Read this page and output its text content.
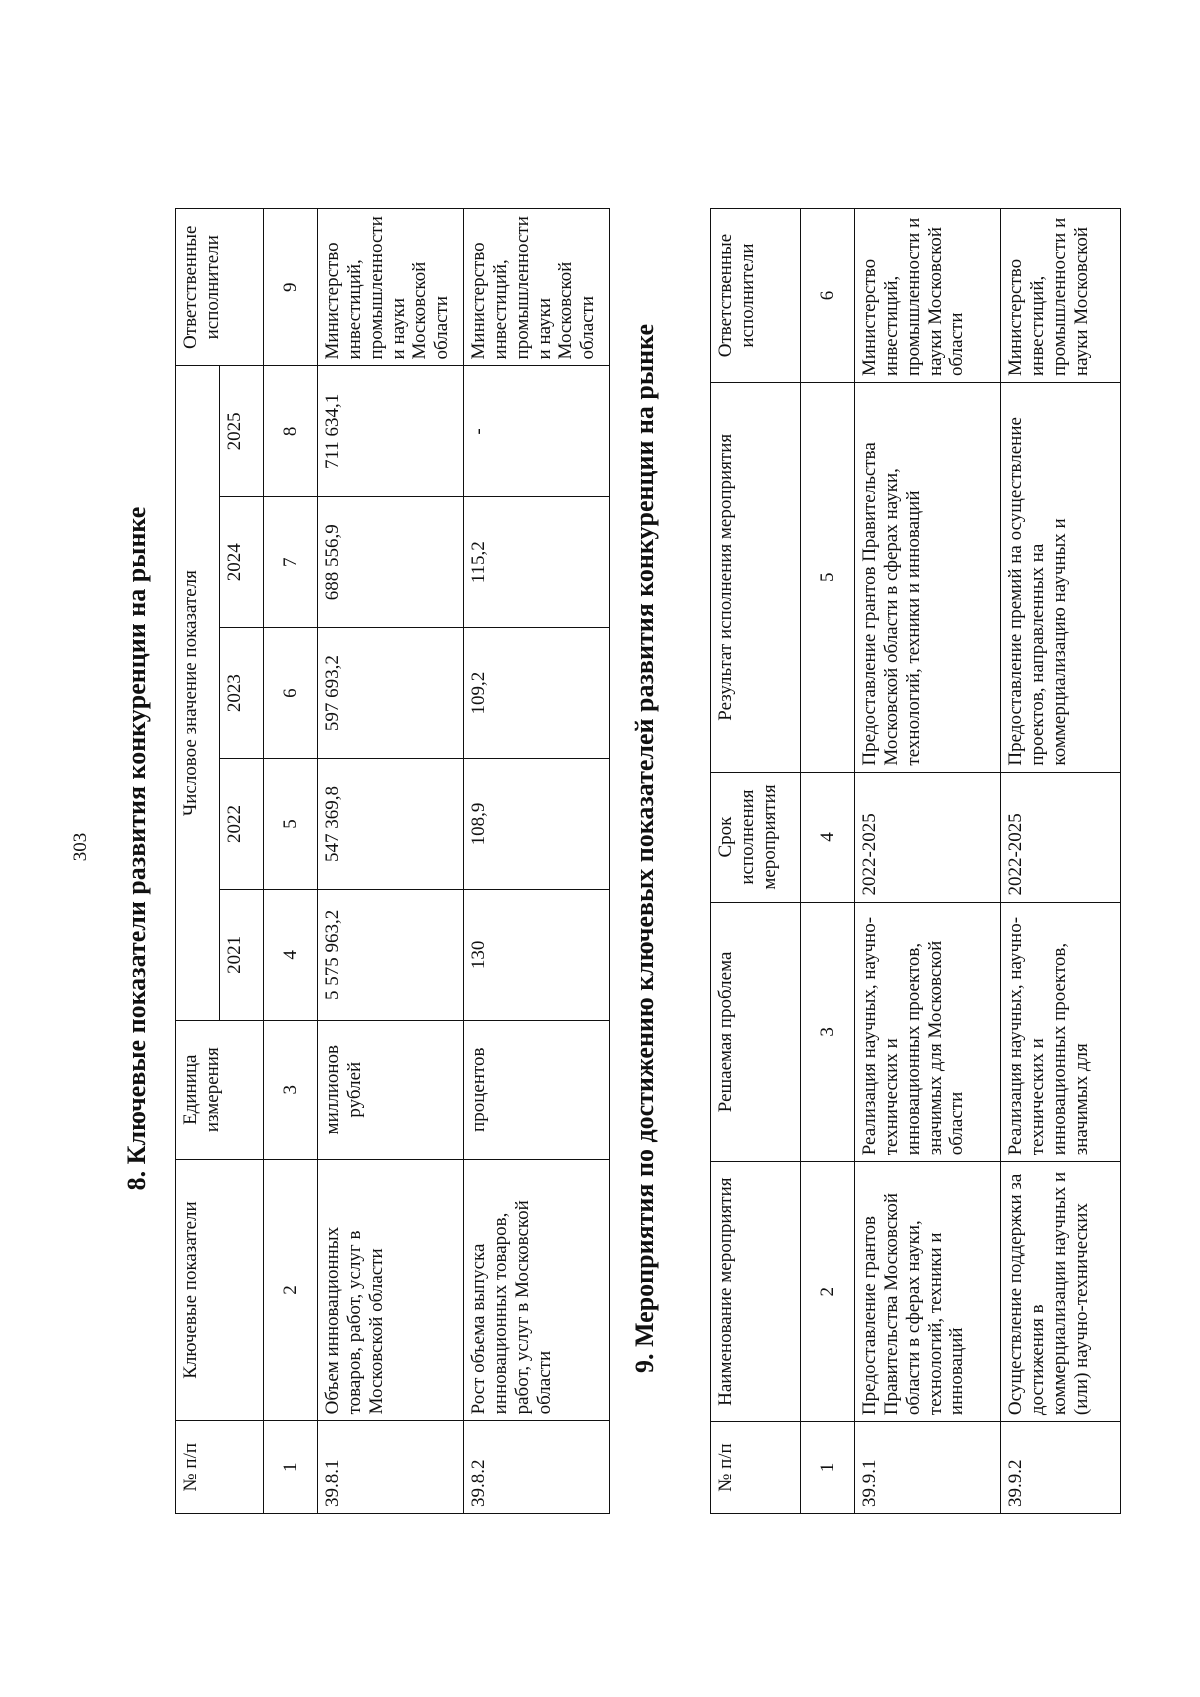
303 8. Ключевые показатели развития конкуренции на рынке
№ п/п	Ключевые показатели	Единица измерения	Числовое значение показателя					Ответственные исполнители
			2021	2022	2023	2024	2025	
1	2	3	4	5	6	7	8	9
39.8.1	Объем инновационных товаров, работ, услуг в Московской области	миллионов рублей	5 575 963,2	547 369,8	597 693,2	688 556,9	711 634,1	Министерство инвестиций, промышленности и науки Московской области
39.8.2	Рост объема выпуска инновационных товаров, работ, услуг в Московской области	процентов	130	108,9	109,2	115,2	-	Министерство инвестиций, промышленности и науки Московской области 9. Мероприятия по достижению ключевых показателей развития конкуренции на рынке
№ п/п	Наименование мероприятия	Решаемая проблема	Срок исполнения мероприятия	Результат исполнения мероприятия	Ответственные исполнители
1	2	3	4	5	6
39.9.1	Предоставление грантов Правительства Московской области в сферах науки, технологий, техники и инноваций	Реализация научных, научно-технических и инновационных проектов, значимых для Московской области	2022-2025	Предоставление грантов Правительства Московской области в сферах науки, технологий, техники и инноваций	Министерство инвестиций, промышленности и науки Московской области
39.9.2	Осуществление поддержки за достижения в коммерциализации научных и (или) научно-технических	Реализация научных, научно-технических и инновационных проектов, значимых для	2022-2025	Предоставление премий на осуществление проектов, направленных на коммерциализацию научных и	Министерство инвестиций, промышленности и науки Московской
